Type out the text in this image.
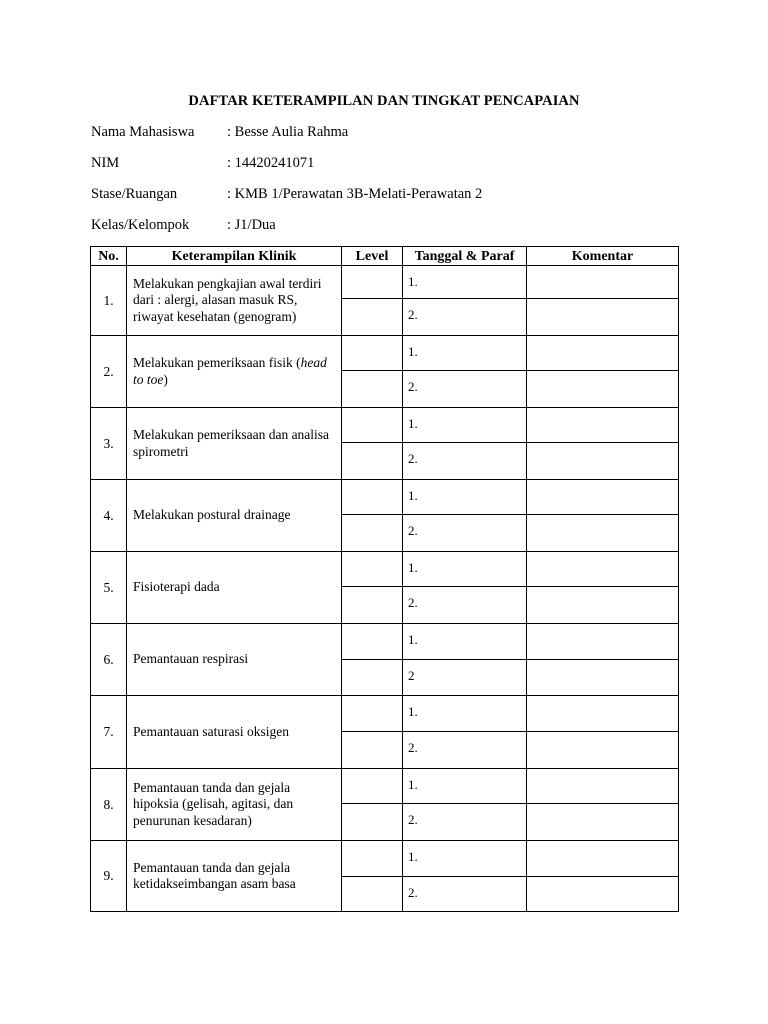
DAFTAR KETERAMPILAN DAN TINGKAT PENCAPAIAN
Nama Mahasiswa : Besse Aulia Rahma
NIM	: 14420241071
Stase/Ruangan	: KMB 1/Perawatan 3B-Melati-Perawatan 2
Kelas/Kelompok	: J1/Dua
No.	Keterampilan Klinik	Level	Tanggal & Paraf	Komentar
1.	Melakukan pengkajian awal terdiri dari : alergi, alasan masuk RS, riwayat kesehatan (genogram)		1.	
			2.	
2.	Melakukan pemeriksaan fisik (head to toe)		1.	
			2.	
3.	Melakukan pemeriksaan dan analisa spirometri		1.	
			2.	
4.	Melakukan postural drainage		1.	
			2.	
5.	Fisioterapi dada		1.	
			2.	
6.	Pemantauan respirasi		1.	
			2	
7.	Pemantauan saturasi oksigen		1.	
			2.	
8.	Pemantauan tanda dan gejala hipoksia (gelisah, agitasi, dan penurunan kesadaran)		1.	
			2.	
9.	Pemantauan tanda dan gejala ketidakseimbangan asam basa		1.	
			2.	
